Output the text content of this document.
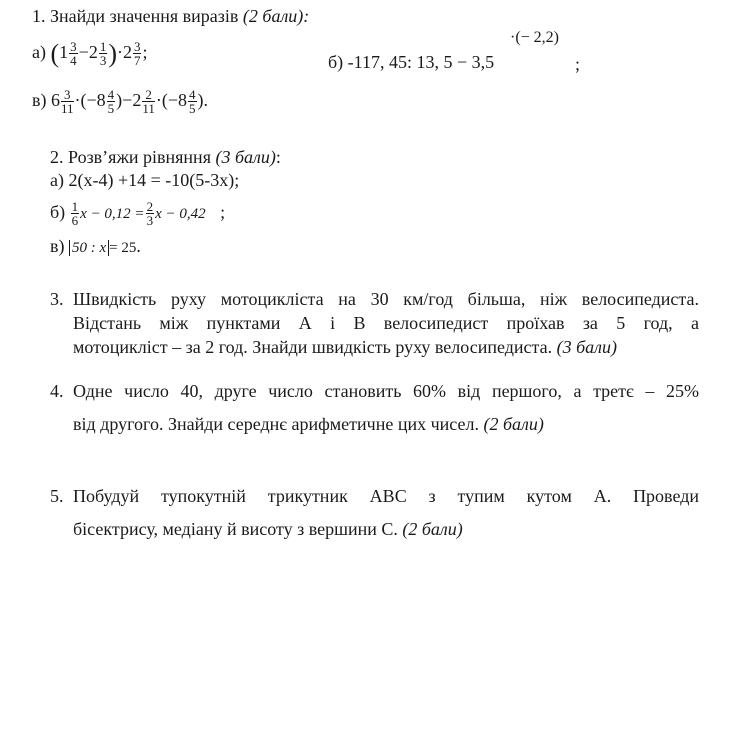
1. Знайди значення виразів (2 бали):
а) $(1 \frac{3}{4} -2 \frac{1}{3} )\cdot 2 \frac{3}{7}$ ;
·(− 2,2)
б) -117, 45: 13, 5 − 3,5	;
в) $6 \frac{3}{11} \cdot(-8 \frac{4}{5} )-2 \frac{2}{11} \cdot(-8 \frac{4}{5}$ ).
2. Розв’яжи рівняння (3 бали):
а) 2(x-4) +14 = -10(5-3x);
$б) \frac{1}{6}$ $x - 0,12 = \frac{2}{3}$ x − 0,42 ;
в) 50 : x = 25.
3. Швидкість руху мотоцикліста на 30 км/год більша, ніж велосипедиста.
Відстань між пунктами А і В велосипедист проїхав за 5 год, а
мотоцикліст – за 2 год. Знайди швидкість руху велосипедиста. (3 бали)
4. Одне число 40, друге число становить 60% від першого, а третє – 25%
від другого. Знайди середнє арифметичне цих чисел. (2 бали)
5. Побудуй тупокутній трикутник АВС з тупим кутом А. Проведи
бісектрису, медіану й висоту з вершини С. (2 бали)
